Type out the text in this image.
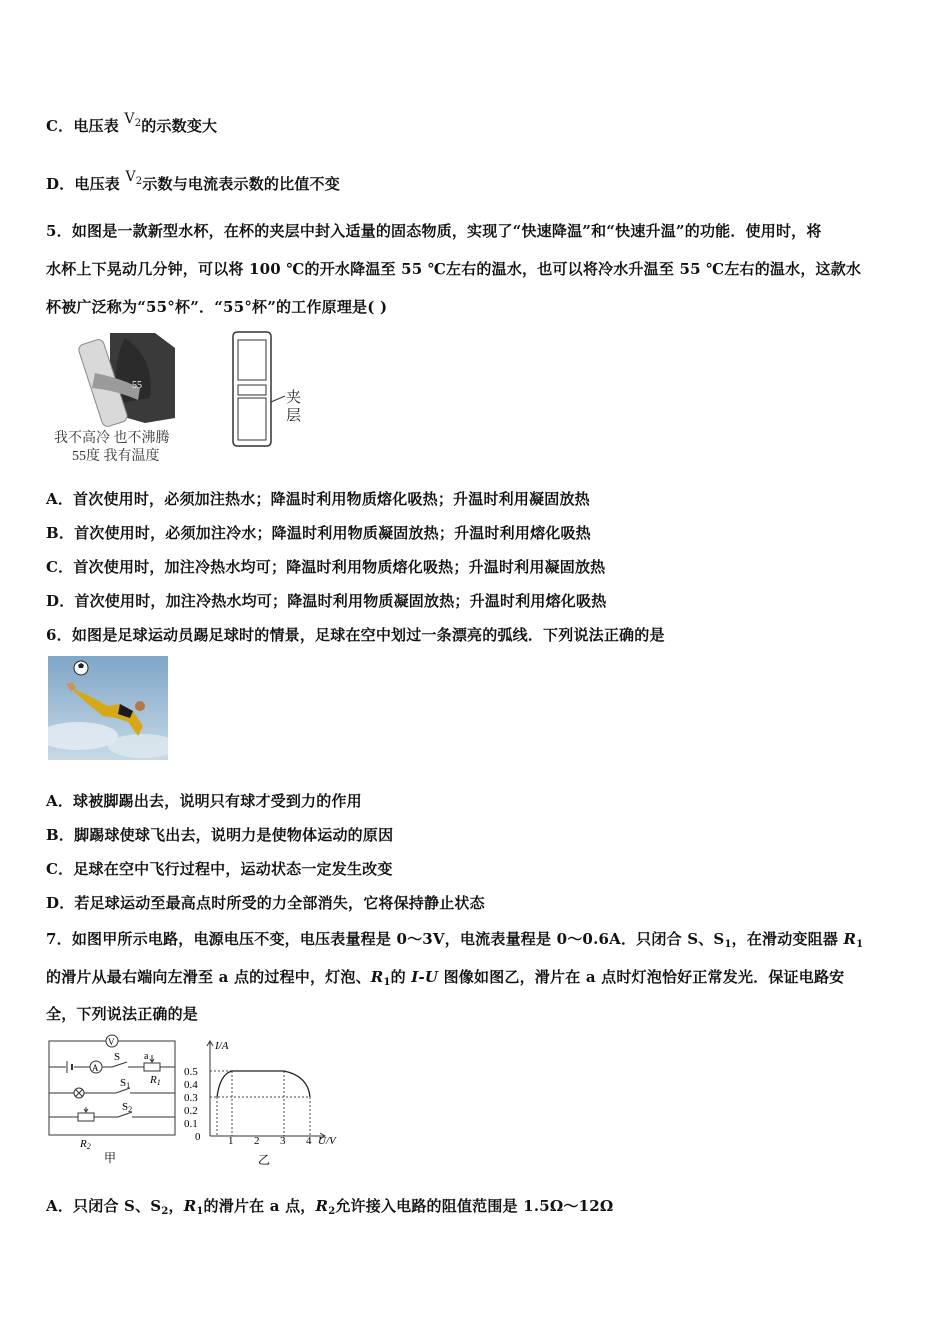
C．电压表 $V_2$的示数变大
D．电压表 $V_2$示数与电流表示数的比值不变
5．如图是一款新型水杯，在杯的夹层中封入适量的固态物质，实现了“快速降温”和“快速升温”的功能．使用时，将
水杯上下晃动几分钟，可以将 100 ℃的开水降温至 55 ℃左右的温水，也可以将冷水升温至 55 ℃左右的温水，这款水
杯被广泛称为“55°杯”．“55°杯”的工作原理是( )
55
我不高冷 也不沸腾
55度 我有温度
夹
层
A．首次使用时，必须加注热水；降温时利用物质熔化吸热；升温时利用凝固放热
B．首次使用时，必须加注冷水；降温时利用物质凝固放热；升温时利用熔化吸热
C．首次使用时，加注冷热水均可；降温时利用物质熔化吸热；升温时利用凝固放热
D．首次使用时，加注冷热水均可；降温时利用物质凝固放热；升温时利用熔化吸热
6．如图是足球运动员踢足球时的情景，足球在空中划过一条漂亮的弧线．下列说法正确的是
A．球被脚踢出去，说明只有球才受到力的作用
B．脚踢球使球飞出去，说明力是使物体运动的原因
C．足球在空中飞行过程中，运动状态一定发生改变
D．若足球运动至最高点时所受的力全部消失，它将保持静止状态
7．如图甲所示电路，电源电压不变，电压表量程是 0～3V，电流表量程是 0～0.6A．只闭合 S、$S_1$，在滑动变阻器 $R_1$
的滑片从最右端向左滑至 a 点的过程中，灯泡、$R_1$的 I-U 图像如图乙，滑片在 a 点时灯泡恰好正常发光．保证电路安
全，下列说法正确的是
V
A
S a
R1
S1
S2
R2
甲
I/A
U/V
0
0.5
0.4
0.3
0.2
0.1
1 2 3 4
乙
A．只闭合 S、$S_2$，$R_1$的滑片在 a 点，$R_2$允许接入电路的阻值范围是 1.5Ω～12Ω
